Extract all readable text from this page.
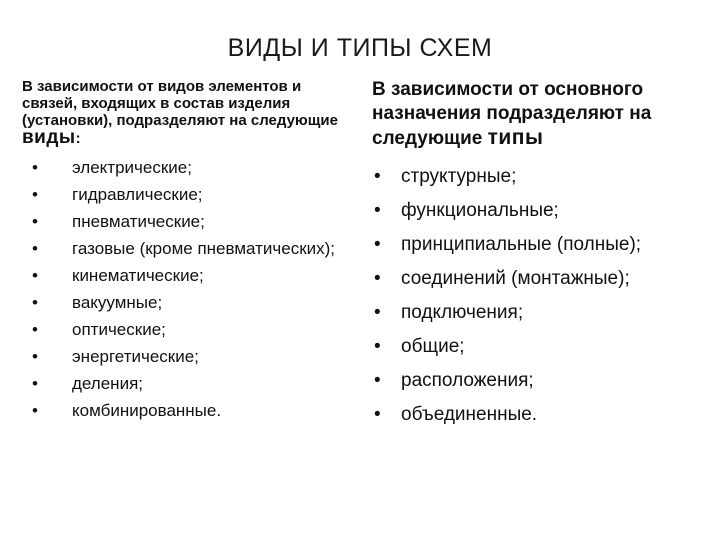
ВИДЫ И ТИПЫ СХЕМ

В зависимости от видов элементов и связей, входящих в состав изделия (установки), подразделяют на следующие виды:

• электрические;
• гидравлические;
• пневматические;
• газовые (кроме пневматических);
• кинематические;
• вакуумные;
• оптические;
• энергетические;
• деления;
• комбинированные.

В зависимости от основного назначения подразделяют на следующие типы

• структурные;
• функциональные;
• принципиальные (полные);
• соединений (монтажные);
• подключения;
• общие;
• расположения;
• объединенные.
